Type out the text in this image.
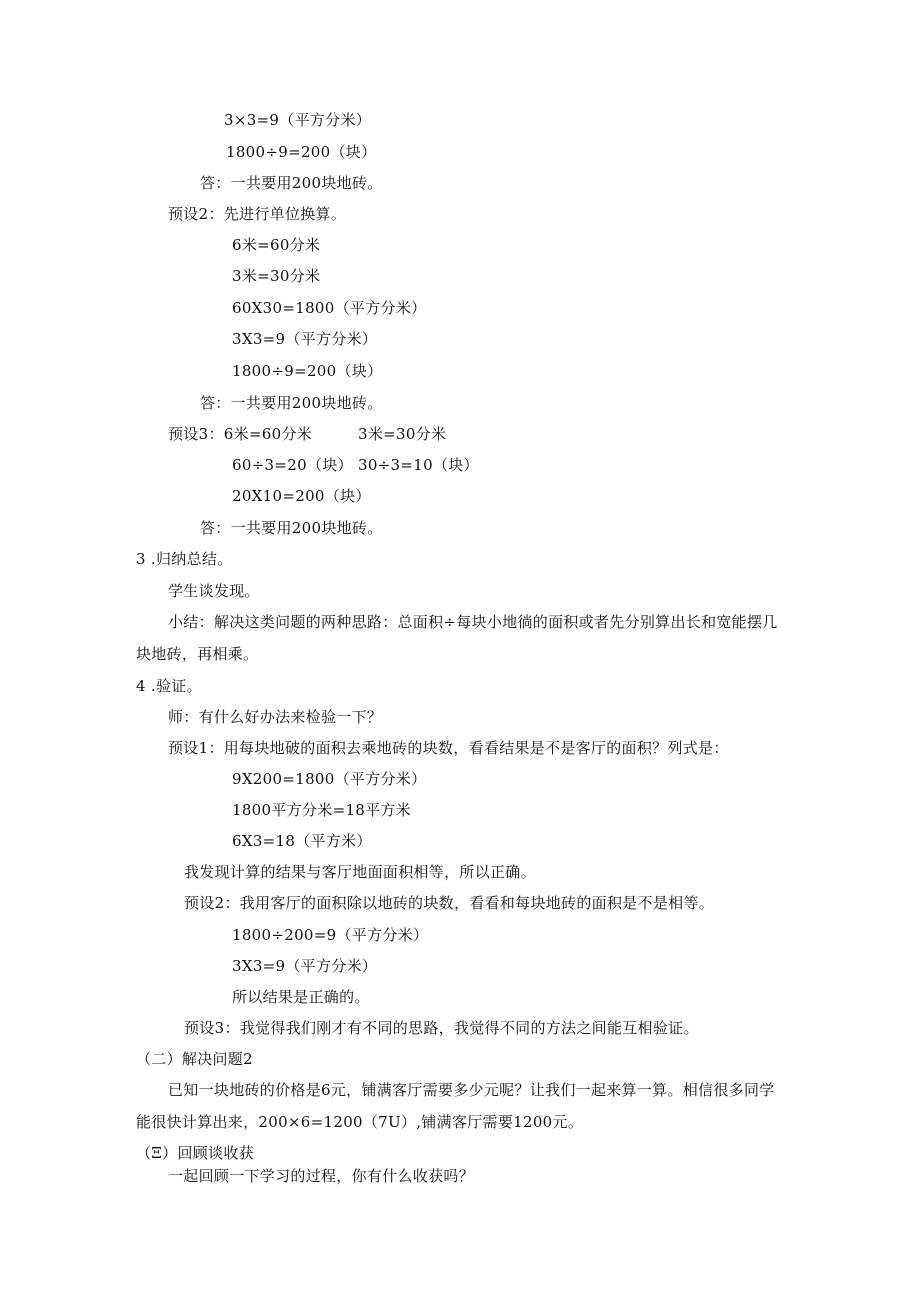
3×3=9（平方分米）
1800÷9=200（块）
答：一共要用200块地砖。
预设2：先进行单位换算。
6米=60分米
3米=30分米
60X30=1800（平方分米）
3X3=9（平方分米）
1800÷9=200（块）
答：一共要用200块地砖。
预设3：6米=60分米	3米=30分米
60÷3=20（块） 30÷3=10（块）
20X10=200（块）
答：一共要用200块地砖。
3 .归纳总结。
学生谈发现。
小结：解决这类问题的两种思路：总面积÷每块小地徜的面积或者先分别算出长和宽能摆几块地砖，再相乘。
4 .验证。
师：有什么好办法来检验一下？
预设1：用每块地破的面积去乘地砖的块数，看看结果是不是客厅的面积？列式是：
9X200=1800（平方分米）
1800平方分米=18平方米
6X3=18（平方米）
我发现计算的结果与客厅地面面积相等，所以正确。
预设2：我用客厅的面积除以地砖的块数，看看和每块地砖的面积是不是相等。
1800÷200=9（平方分米）
3X3=9（平方分米）
所以结果是正确的。
预设3：我觉得我们刚才有不同的思路，我觉得不同的方法之间能互相验证。
（二）解决问题2
已知一块地砖的价格是6元，铺满客厅需要多少元呢？让我们一起来算一算。相信很多同学能很快计算出来，200×6=1200（7U）,铺满客厅需要1200元。
（Ξ）回顾谈收获
一起回顾一下学习的过程，你有什么收获吗？
